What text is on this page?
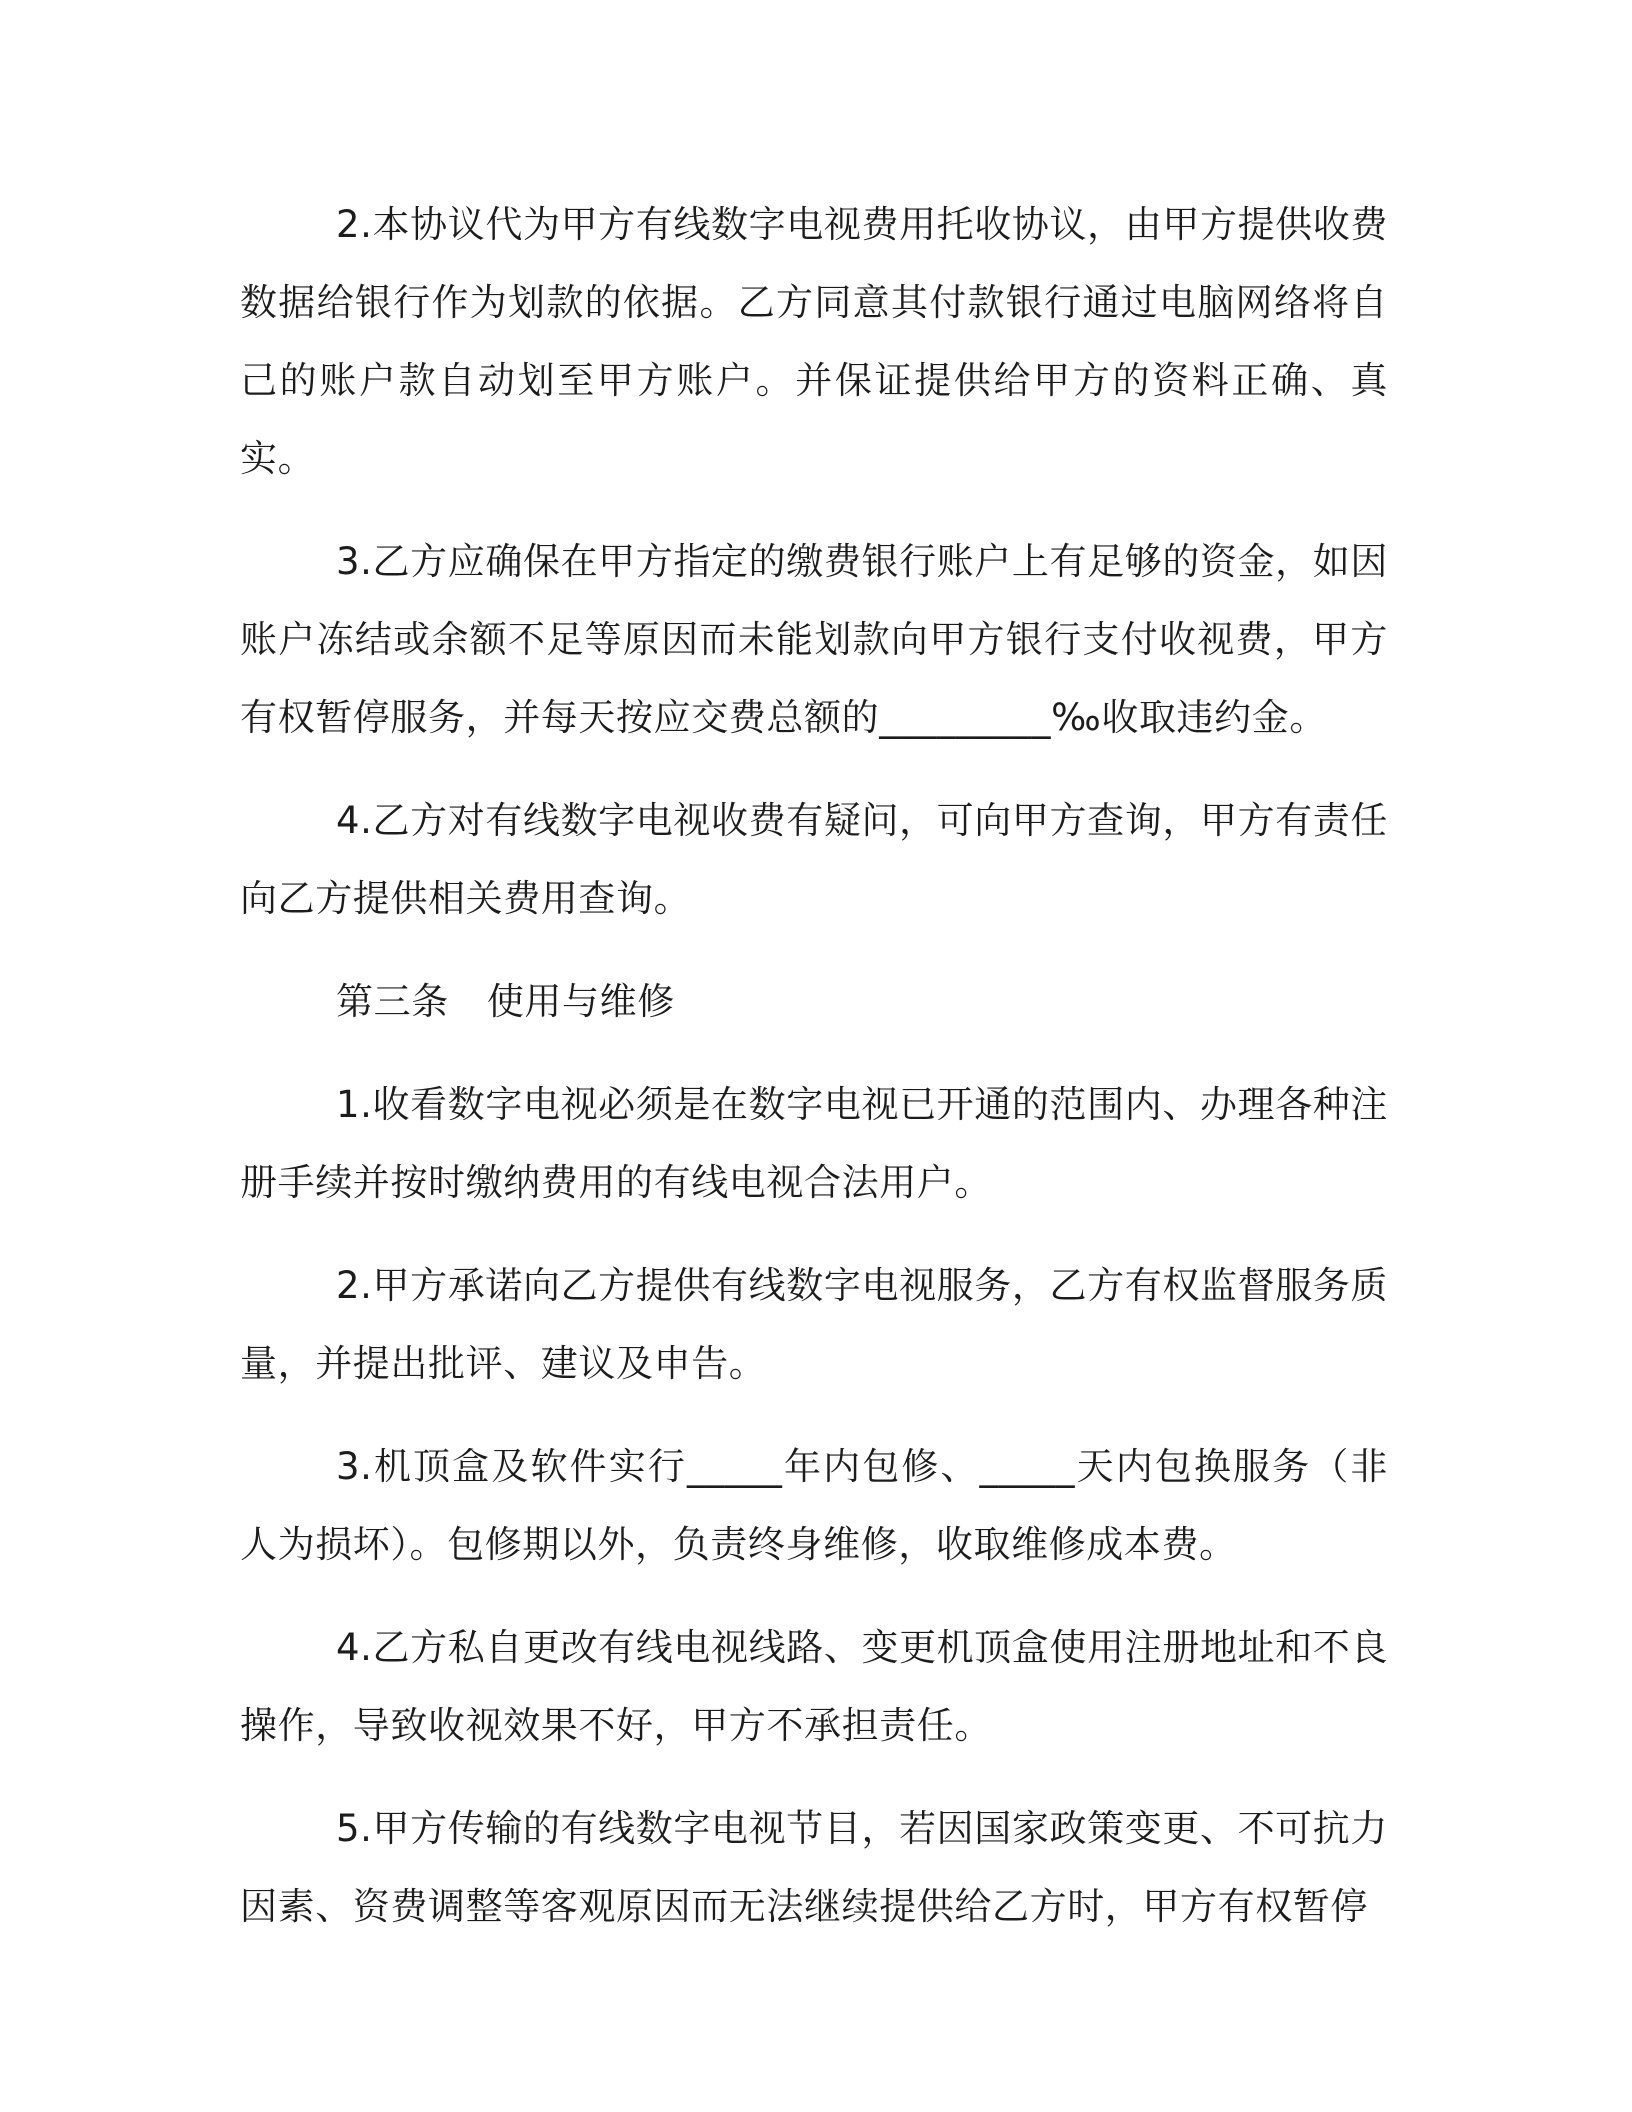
2.本协议代为甲方有线数字电视费用托收协议，由甲方提供收费数据给银行作为划款的依据。乙方同意其付款银行通过电脑网络将自己的账户款自动划至甲方账户。并保证提供给甲方的资料正确、真实。

3.乙方应确保在甲方指定的缴费银行账户上有足够的资金，如因账户冻结或余额不足等原因而未能划款向甲方银行支付收视费，甲方有权暂停服务，并每天按应交费总额的_________‰收取违约金。

4.乙方对有线数字电视收费有疑问，可向甲方查询，甲方有责任向乙方提供相关费用查询。

第三条 使用与维修

1.收看数字电视必须是在数字电视已开通的范围内、办理各种注册手续并按时缴纳费用的有线电视合法用户。

2.甲方承诺向乙方提供有线数字电视服务，乙方有权监督服务质量，并提出批评、建议及申告。

3.机顶盒及软件实行_____年内包修、_____天内包换服务（非人为损坏）。包修期以外，负责终身维修，收取维修成本费。

4.乙方私自更改有线电视线路、变更机顶盒使用注册地址和不良操作，导致收视效果不好，甲方不承担责任。

5.甲方传输的有线数字电视节目，若因国家政策变更、不可抗力因素、资费调整等客观原因而无法继续提供给乙方时，甲方有权暂停
